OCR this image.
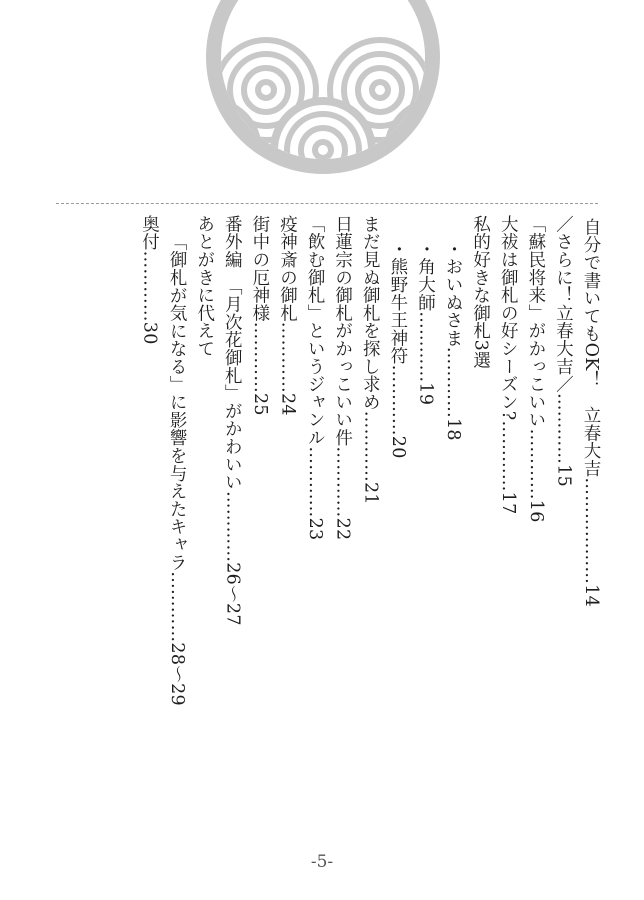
自分で書いてもOK！　立春大吉………………14
／さらに！立春大吉／…………15
「蘇民将来」がかっこいい…………16
大祓は御札の好シーズン?…………17
私的好きな御札3選
・おいぬさま…………18
・角大師…………19
・熊野牛王神符…………20
まだ見ぬ御札を探し求め…………21
日蓮宗の御札がかっこいい件…………22
「飲む御札」というジャンル…………23
疫神斎の御札…………24
街中の厄神様…………25
番外編　「月次花御札」がかわいい…………26〜27
あとがきに代えて
「御札が気になる」に影響を与えたキャラ…………28〜29
奥付…………30
-5-
